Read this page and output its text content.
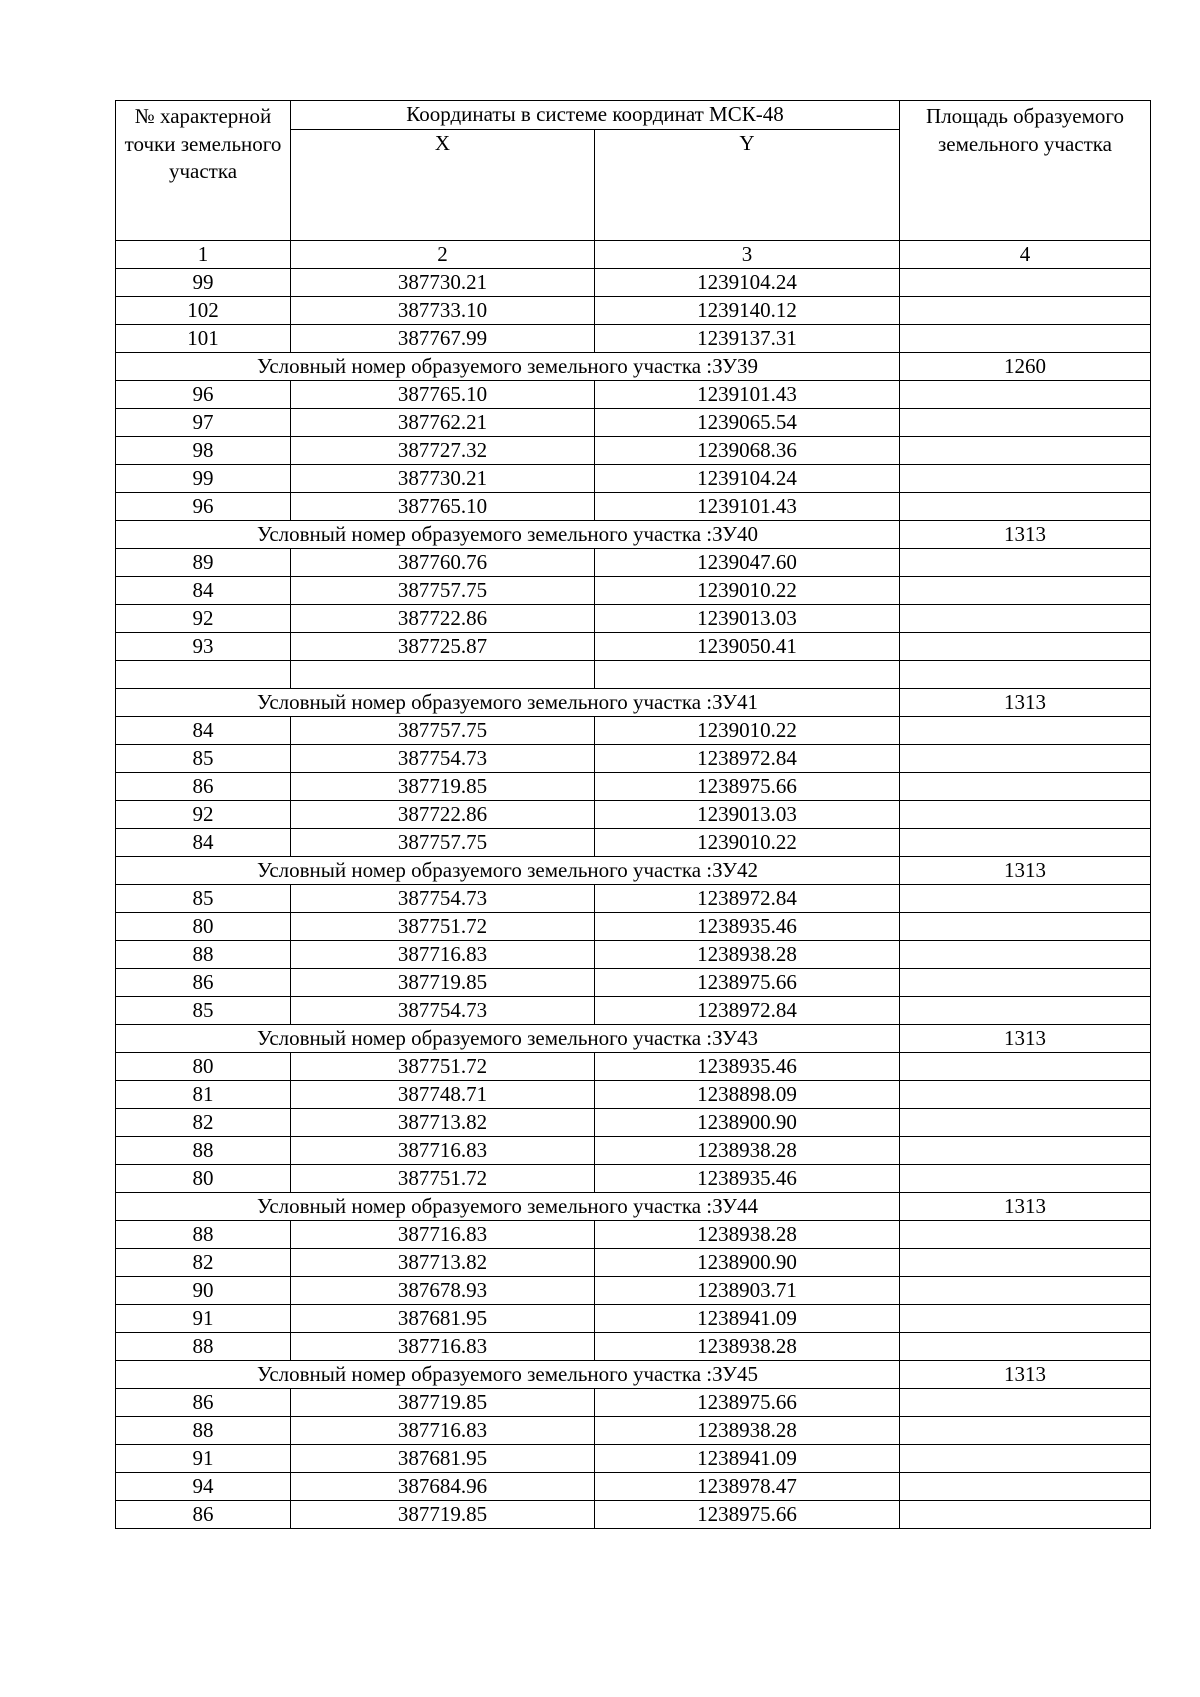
№ характерной точки земельного участка	Координаты в системе координат МСК-48		Площадь образуемого земельного участка
	X	Y	
1	2	3	4
99	387730.21	1239104.24	
102	387733.10	1239140.12	
101	387767.99	1239137.31	
Условный номер образуемого земельного участка :ЗУ39			1260
96	387765.10	1239101.43	
97	387762.21	1239065.54	
98	387727.32	1239068.36	
99	387730.21	1239104.24	
96	387765.10	1239101.43	
Условный номер образуемого земельного участка :ЗУ40			1313
89	387760.76	1239047.60	
84	387757.75	1239010.22	
92	387722.86	1239013.03	
93	387725.87	1239050.41	

Условный номер образуемого земельного участка :ЗУ41			1313
84	387757.75	1239010.22	
85	387754.73	1238972.84	
86	387719.85	1238975.66	
92	387722.86	1239013.03	
84	387757.75	1239010.22	
Условный номер образуемого земельного участка :ЗУ42			1313
85	387754.73	1238972.84	
80	387751.72	1238935.46	
88	387716.83	1238938.28	
86	387719.85	1238975.66	
85	387754.73	1238972.84	
Условный номер образуемого земельного участка :ЗУ43			1313
80	387751.72	1238935.46	
81	387748.71	1238898.09	
82	387713.82	1238900.90	
88	387716.83	1238938.28	
80	387751.72	1238935.46	
Условный номер образуемого земельного участка :ЗУ44			1313
88	387716.83	1238938.28	
82	387713.82	1238900.90	
90	387678.93	1238903.71	
91	387681.95	1238941.09	
88	387716.83	1238938.28	
Условный номер образуемого земельного участка :ЗУ45			1313
86	387719.85	1238975.66	
88	387716.83	1238938.28	
91	387681.95	1238941.09	
94	387684.96	1238978.47	
86	387719.85	1238975.66	
